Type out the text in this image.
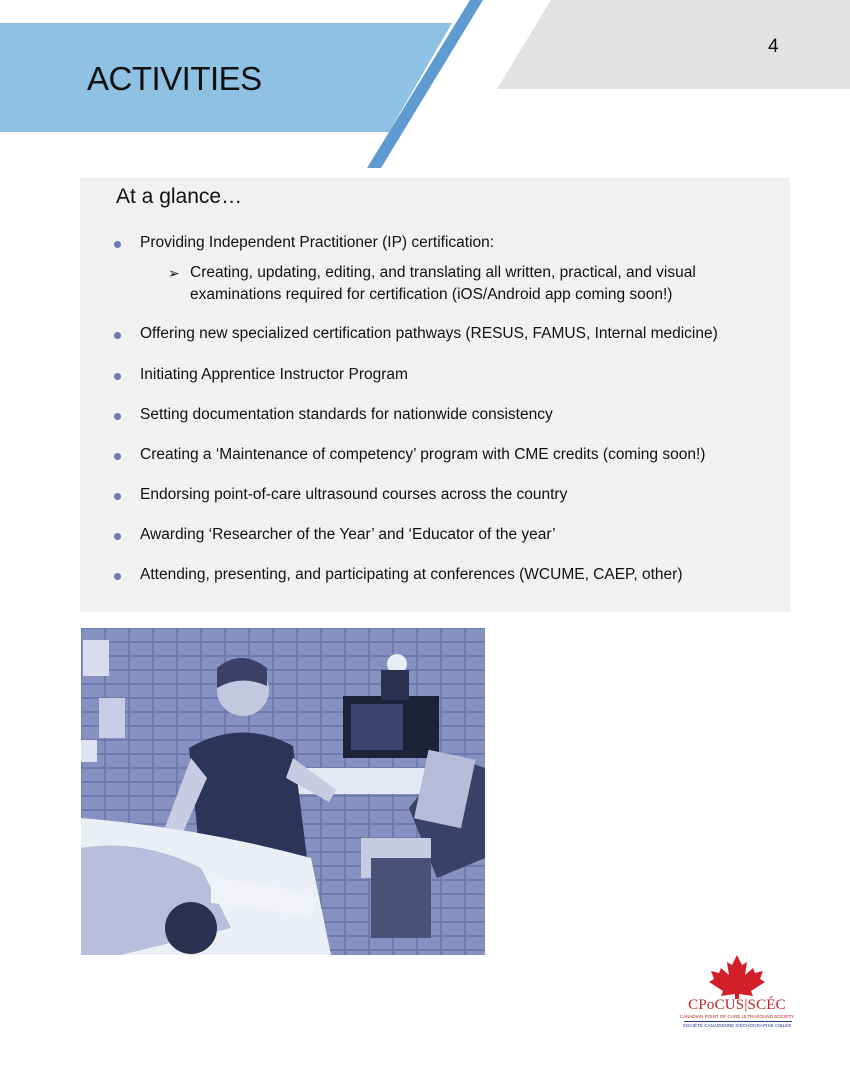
ACTIVITIES
4
At a glance…
Providing Independent Practitioner (IP) certification:
➢ Creating, updating, editing, and translating all written, practical, and visual examinations required for certification (iOS/Android app coming soon!)
Offering new specialized certification pathways (RESUS, FAMUS, Internal medicine)
Initiating Apprentice Instructor Program
Setting documentation standards for nationwide consistency
Creating a ‘Maintenance of competency’ program with CME credits (coming soon!)
Endorsing point-of-care ultrasound courses across the country
Awarding ‘Researcher of the Year’ and ‘Educator of the year’
Attending, presenting, and participating at conferences (WCUME, CAEP, other)
CPoCUS|SCÉC
CANADIAN POINT OF CARE ULTRASOUND SOCIETY
SOCIÉTÉ CANADIENNE D'ÉCHOGRAPHIE CIBLÉE
